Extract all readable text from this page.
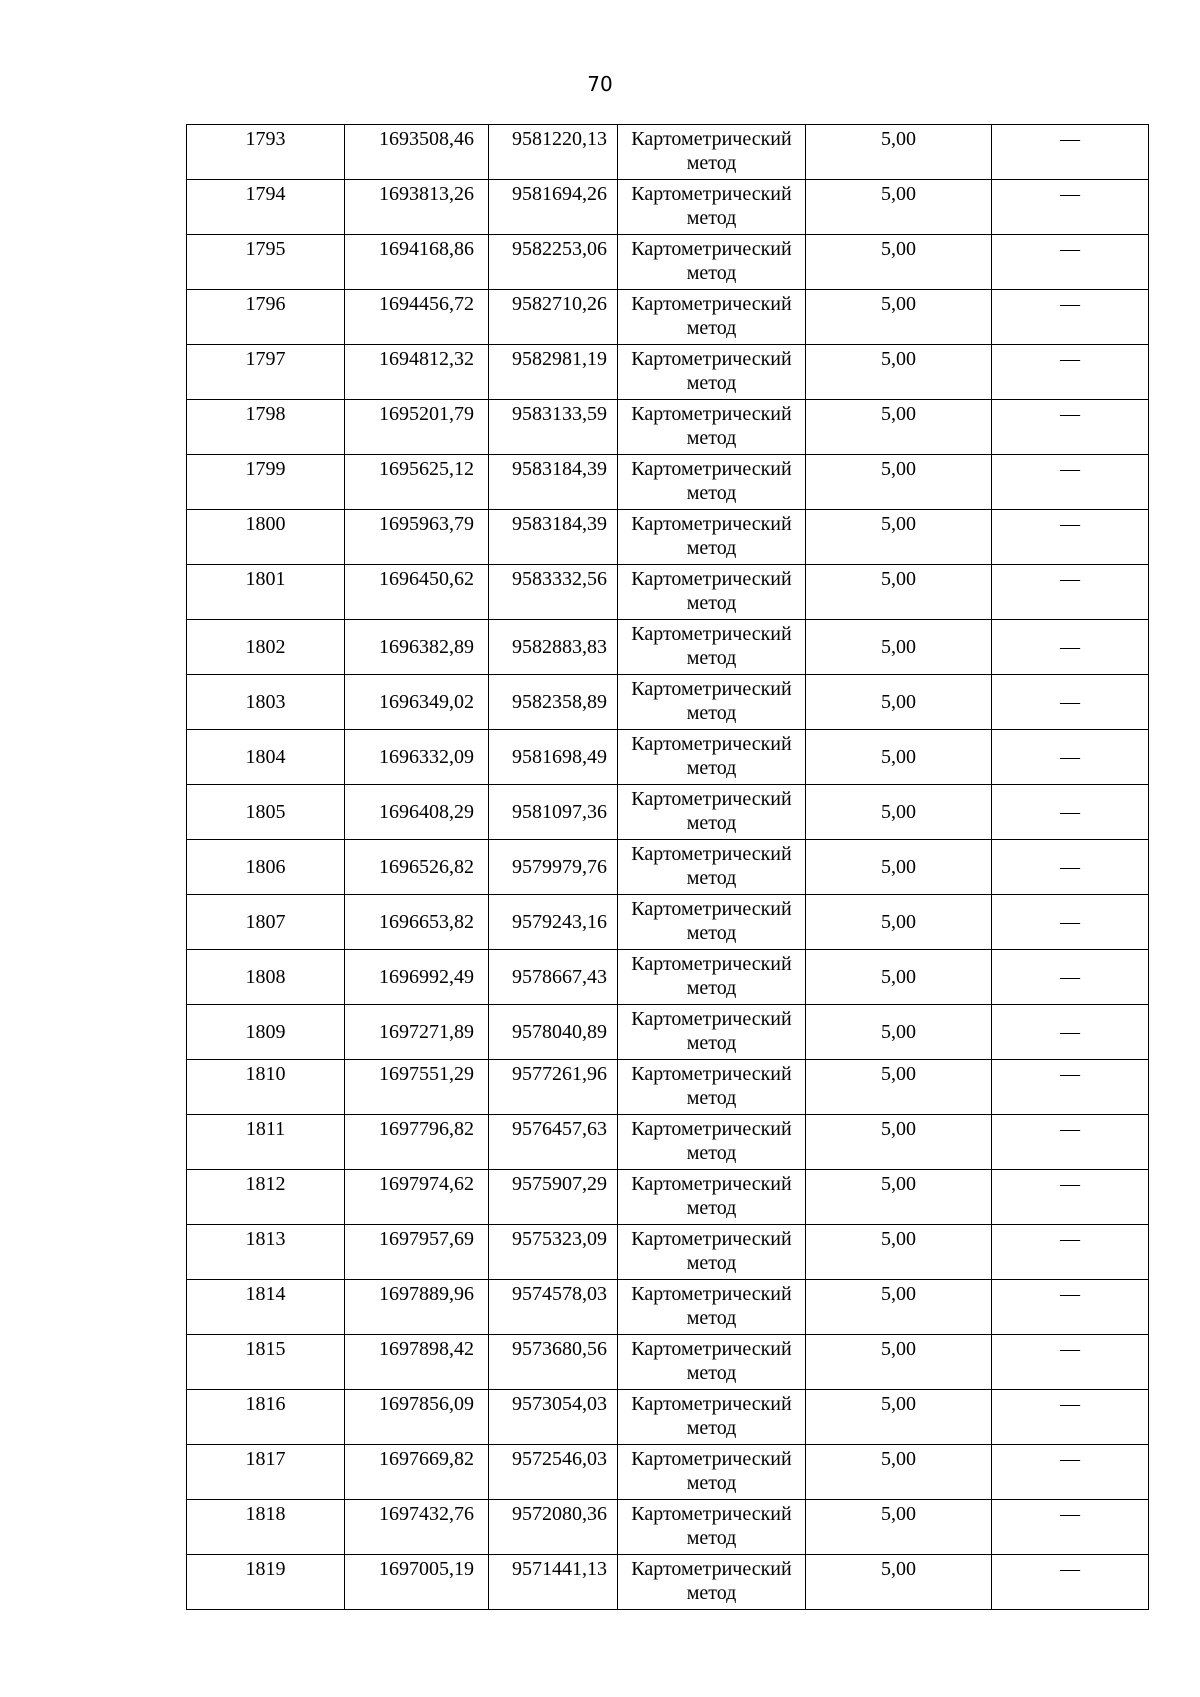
70
1793	1693508,46	9581220,13	Картометрический метод	5,00	—
1794	1693813,26	9581694,26	Картометрический метод	5,00	—
1795	1694168,86	9582253,06	Картометрический метод	5,00	—
1796	1694456,72	9582710,26	Картометрический метод	5,00	—
1797	1694812,32	9582981,19	Картометрический метод	5,00	—
1798	1695201,79	9583133,59	Картометрический метод	5,00	—
1799	1695625,12	9583184,39	Картометрический метод	5,00	—
1800	1695963,79	9583184,39	Картометрический метод	5,00	—
1801	1696450,62	9583332,56	Картометрический метод	5,00	—
1802	1696382,89	9582883,83	Картометрический метод	5,00	—
1803	1696349,02	9582358,89	Картометрический метод	5,00	—
1804	1696332,09	9581698,49	Картометрический метод	5,00	—
1805	1696408,29	9581097,36	Картометрический метод	5,00	—
1806	1696526,82	9579979,76	Картометрический метод	5,00	—
1807	1696653,82	9579243,16	Картометрический метод	5,00	—
1808	1696992,49	9578667,43	Картометрический метод	5,00	—
1809	1697271,89	9578040,89	Картометрический метод	5,00	—
1810	1697551,29	9577261,96	Картометрический метод	5,00	—
1811	1697796,82	9576457,63	Картометрический метод	5,00	—
1812	1697974,62	9575907,29	Картометрический метод	5,00	—
1813	1697957,69	9575323,09	Картометрический метод	5,00	—
1814	1697889,96	9574578,03	Картометрический метод	5,00	—
1815	1697898,42	9573680,56	Картометрический метод	5,00	—
1816	1697856,09	9573054,03	Картометрический метод	5,00	—
1817	1697669,82	9572546,03	Картометрический метод	5,00	—
1818	1697432,76	9572080,36	Картометрический метод	5,00	—
1819	1697005,19	9571441,13	Картометрический метод	5,00	—
